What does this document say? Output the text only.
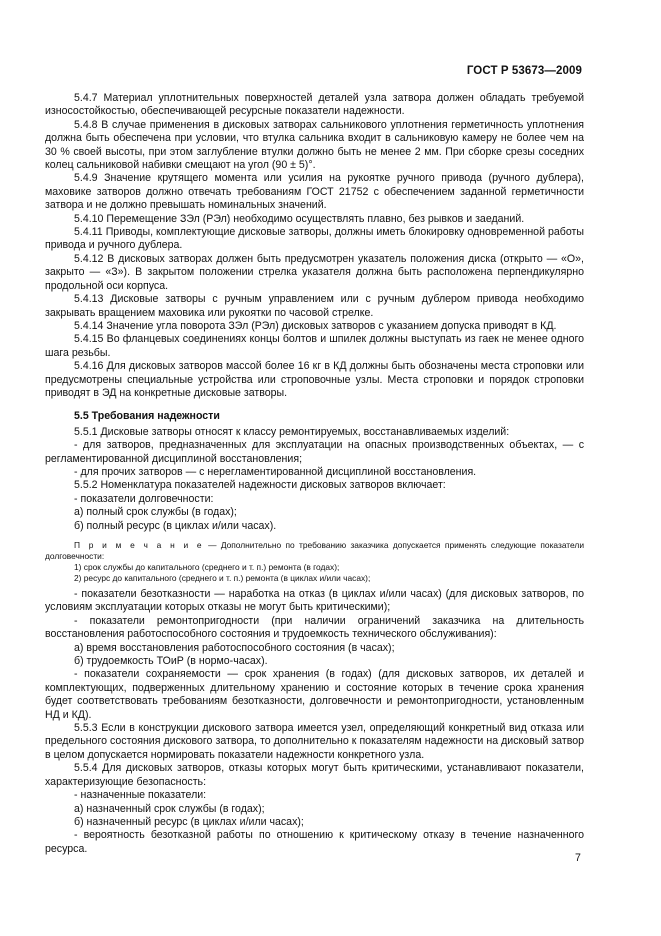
ГОСТ Р 53673—2009

5.4.7 Материал уплотнительных поверхностей деталей узла затвора должен обладать требуемой износостойкостью, обеспечивающей ресурсные показатели надежности.

5.4.8 В случае применения в дисковых затворах сальникового уплотнения герметичность уплотнения должна быть обеспечена при условии, что втулка сальника входит в сальниковую камеру не более чем на 30 % своей высоты, при этом заглубление втулки должно быть не менее 2 мм. При сборке срезы соседних колец сальниковой набивки смещают на угол (90 ± 5)°.

5.4.9 Значение крутящего момента или усилия на рукоятке ручного привода (ручного дублера), маховике затворов должно отвечать требованиям ГОСТ 21752 с обеспечением заданной герметичности затвора и не должно превышать номинальных значений.

5.4.10 Перемещение ЗЭл (РЭл) необходимо осуществлять плавно, без рывков и заеданий.

5.4.11 Приводы, комплектующие дисковые затворы, должны иметь блокировку одновременной работы привода и ручного дублера.

5.4.12 В дисковых затворах должен быть предусмотрен указатель положения диска (открыто — «О», закрыто — «З»). В закрытом положении стрелка указателя должна быть расположена перпендикулярно продольной оси корпуса.

5.4.13 Дисковые затворы с ручным управлением или с ручным дублером привода необходимо закрывать вращением маховика или рукоятки по часовой стрелке.

5.4.14 Значение угла поворота ЗЭл (РЭл) дисковых затворов с указанием допуска приводят в КД.

5.4.15 Во фланцевых соединениях концы болтов и шпилек должны выступать из гаек не менее одного шага резьбы.

5.4.16 Для дисковых затворов массой более 16 кг в КД должны быть обозначены места строповки или предусмотрены специальные устройства или строповочные узлы. Места строповки и порядок строповки приводят в ЭД на конкретные дисковые затворы.

5.5 Требования надежности

5.5.1 Дисковые затворы относят к классу ремонтируемых, восстанавливаемых изделий:

- для затворов, предназначенных для эксплуатации на опасных производственных объектах, — с регламентированной дисциплиной восстановления;

- для прочих затворов — с нерегламентированной дисциплиной восстановления.

5.5.2 Номенклатура показателей надежности дисковых затворов включает:

- показатели долговечности:

а) полный срок службы (в годах);

б) полный ресурс (в циклах и/или часах).

П р и м е ч а н и е — Дополнительно по требованию заказчика допускается применять следующие показатели долговечности:
1) срок службы до капитального (среднего и т. п.) ремонта (в годах);
2) ресурс до капитального (среднего и т. п.) ремонта (в циклах и/или часах);

- показатели безотказности — наработка на отказ (в циклах и/или часах) (для дисковых затворов, по условиям эксплуатации которых отказы не могут быть критическими);

- показатели ремонтопригодности (при наличии ограничений заказчика на длительность восстановления работоспособного состояния и трудоемкость технического обслуживания):

а) время восстановления работоспособного состояния (в часах);

б) трудоемкость ТОиР (в нормо-часах).

- показатели сохраняемости — срок хранения (в годах) (для дисковых затворов, их деталей и комплектующих, подверженных длительному хранению и состояние которых в течение срока хранения будет соответствовать требованиям безотказности, долговечности и ремонтопригодности, установленным НД и КД).

5.5.3 Если в конструкции дискового затвора имеется узел, определяющий конкретный вид отказа или предельного состояния дискового затвора, то дополнительно к показателям надежности на дисковый затвор в целом допускается нормировать показатели надежности конкретного узла.

5.5.4 Для дисковых затворов, отказы которых могут быть критическими, устанавливают показатели, характеризующие безопасность:

- назначенные показатели:

а) назначенный срок службы (в годах);

б) назначенный ресурс (в циклах и/или часах);

- вероятность безотказной работы по отношению к критическому отказу в течение назначенного ресурса.

7
